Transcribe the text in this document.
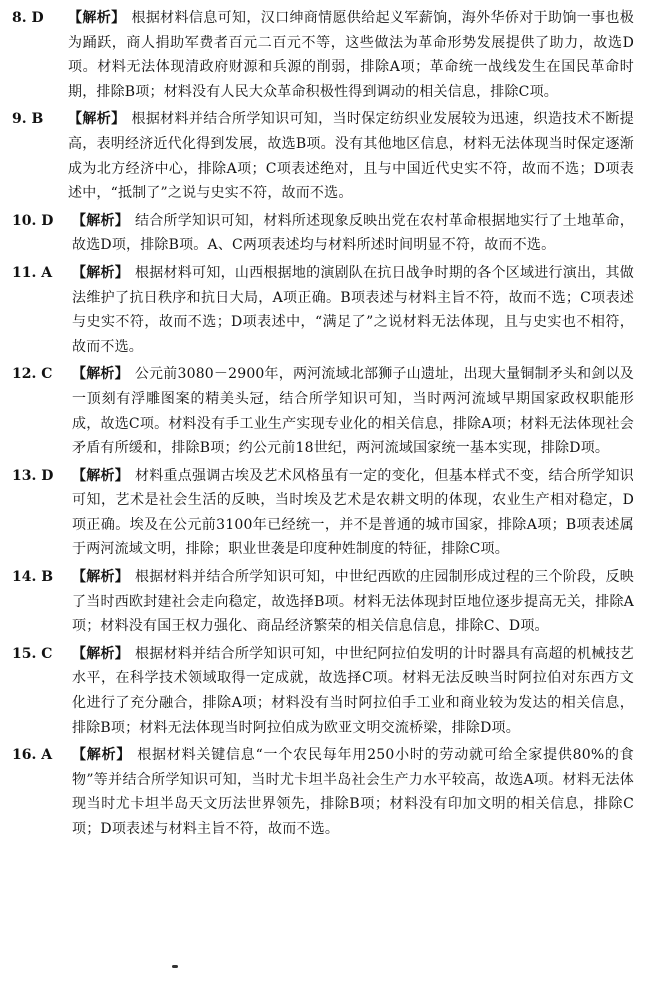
8. D	【解析】 根据材料信息可知，汉口绅商情愿供给起义军薪饷，海外华侨对于助饷一事也极为踊跃，商人捐助军费者百元二百元不等，这些做法为革命形势发展提供了助力，故选D项。材料无法体现清政府财源和兵源的削弱，排除A项；革命统一战线发生在国民革命时期，排除B项；材料没有人民大众革命积极性得到调动的相关信息，排除C项。
9. B	【解析】 根据材料并结合所学知识可知，当时保定纺织业发展较为迅速，织造技术不断提高，表明经济近代化得到发展，故选B项。没有其他地区信息，材料无法体现当时保定逐渐成为北方经济中心，排除A项；C项表述绝对，且与中国近代史实不符，故而不选；D项表述中，“抵制了”之说与史实不符，故而不选。
10. D	【解析】 结合所学知识可知，材料所述现象反映出党在农村革命根据地实行了土地革命，故选D项，排除B项。A、C两项表述均与材料所述时间明显不符，故而不选。
11. A	【解析】 根据材料可知，山西根据地的演剧队在抗日战争时期的各个区域进行演出，其做法维护了抗日秩序和抗日大局，A项正确。B项表述与材料主旨不符，故而不选；C项表述与史实不符，故而不选；D项表述中，“满足了”之说材料无法体现，且与史实也不相符，故而不选。
12. C	【解析】 公元前3080－2900年，两河流域北部狮子山遗址，出现大量铜制矛头和剑以及一顶刻有浮雕图案的精美头冠，结合所学知识可知，当时两河流域早期国家政权职能形成，故选C项。材料没有手工业生产实现专业化的相关信息，排除A项；材料无法体现社会矛盾有所缓和，排除B项；约公元前18世纪，两河流域国家统一基本实现，排除D项。
13. D	【解析】 材料重点强调古埃及艺术风格虽有一定的变化，但基本样式不变，结合所学知识可知，艺术是社会生活的反映，当时埃及艺术是农耕文明的体现，农业生产相对稳定，D项正确。埃及在公元前3100年已经统一，并不是普通的城市国家，排除A项；B项表述属于两河流域文明，排除；职业世袭是印度种姓制度的特征，排除C项。
14. B	【解析】 根据材料并结合所学知识可知，中世纪西欧的庄园制形成过程的三个阶段，反映了当时西欧封建社会走向稳定，故选择B项。材料无法体现封臣地位逐步提高无关，排除A项；材料没有国王权力强化、商品经济繁荣的相关信息信息，排除C、D项。
15. C	【解析】 根据材料并结合所学知识可知，中世纪阿拉伯发明的计时器具有高超的机械技艺水平，在科学技术领域取得一定成就，故选择C项。材料无法反映当时阿拉伯对东西方文化进行了充分融合，排除A项；材料没有当时阿拉伯手工业和商业较为发达的相关信息，排除B项；材料无法体现当时阿拉伯成为欧亚文明交流桥梁，排除D项。
16. A	【解析】 根据材料关键信息“一个农民每年用250小时的劳动就可给全家提供80%的食物”等并结合所学知识可知，当时尤卡坦半岛社会生产力水平较高，故选A项。材料无法体现当时尤卡坦半岛天文历法世界领先，排除B项；材料没有印加文明的相关信息，排除C项；D项表述与材料主旨不符，故而不选。
